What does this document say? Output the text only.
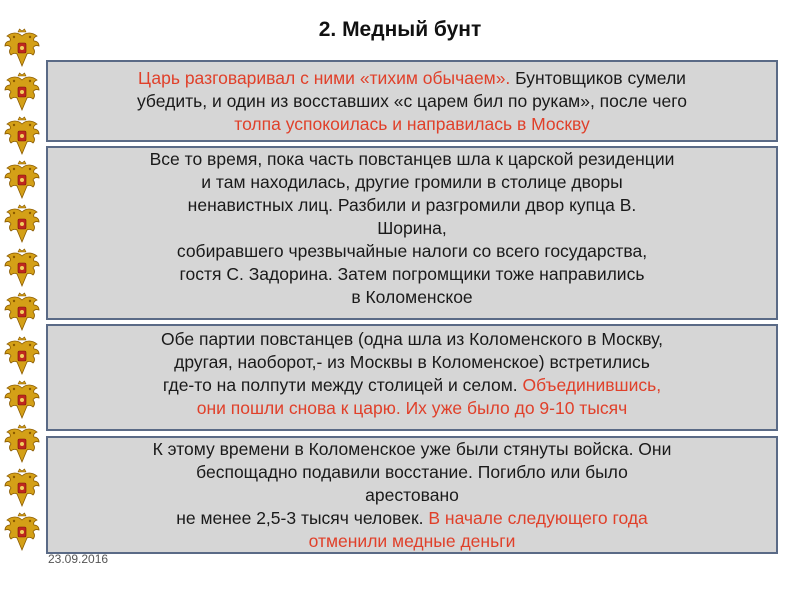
2. Медный бунт
Царь разговаривал с ними «тихим обычаем». Бунтовщиков сумели
убедить, и один из восставших «с царем бил по рукам», после чего
толпа успокоилась и направилась в Москву
Все то время, пока часть повстанцев шла к царской резиденции
и там находилась, другие громили в столице дворы
ненавистных лиц. Разбили и разгромили двор купца В.
Шорина,
собиравшего чрезвычайные налоги со всего государства,
гостя С. Задорина. Затем погромщики тоже направились
в Коломенское
Обе партии повстанцев (одна шла из Коломенского в Москву,
другая, наоборот,- из Москвы в Коломенское) встретились
где-то на полпути между столицей и селом. Объединившись,
они пошли снова к царю. Их уже было до 9-10 тысяч
К этому времени в Коломенское уже были стянуты войска. Они
беспощадно подавили восстание. Погибло или было
арестовано
не менее 2,5-3 тысяч человек. В начале следующего года
отменили медные деньги
23.09.2016
